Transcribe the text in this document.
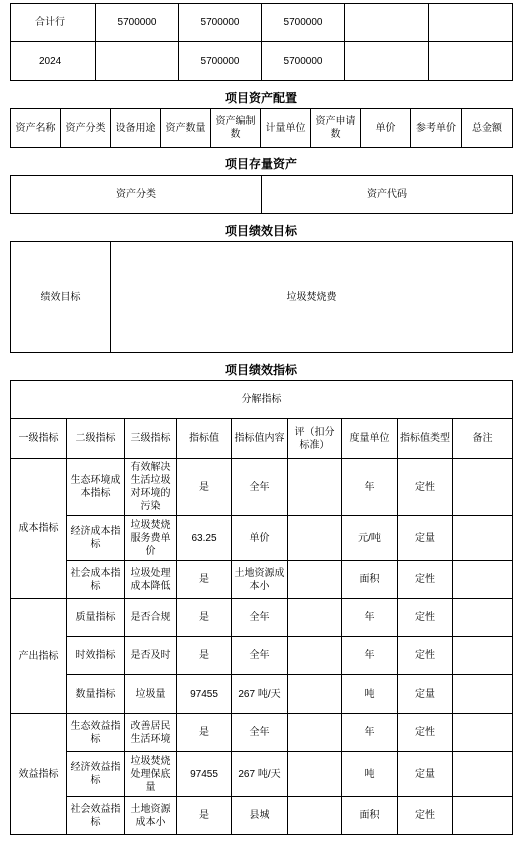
合计行	5700000	5700000	5700000		
2024		5700000	5700000		
项目资产配置
资产名称	资产分类	设备用途	资产数量	资产编制数	计量单位	资产申请数	单价	参考单价	总金额
项目存量资产
资产分类	资产代码
项目绩效目标
绩效目标	垃圾焚烧费
项目绩效指标
分解指标								
一级指标	二级指标	三级指标	指标值	指标值内容	评（扣分标准）	度量单位	指标值类型	备注
成本指标	生态环境成本指标	有效解决生活垃圾对环境的污染	是	全年		年	定性	
	经济成本指标	垃圾焚烧服务费单价	63.25	单价		元/吨	定量	
	社会成本指标	垃圾处理成本降低	是	土地资源成本小		面积	定性	
产出指标	质量指标	是否合规	是	全年		年	定性	
	时效指标	是否及时	是	全年		年	定性	
	数量指标	垃圾量	97455	267 吨/天		吨	定量	
效益指标	生态效益指标	改善居民生活环境	是	全年		年	定性	
	经济效益指标	垃圾焚烧处理保底量	97455	267 吨/天		吨	定量	
	社会效益指标	土地资源成本小	是	县城		面积	定性	
